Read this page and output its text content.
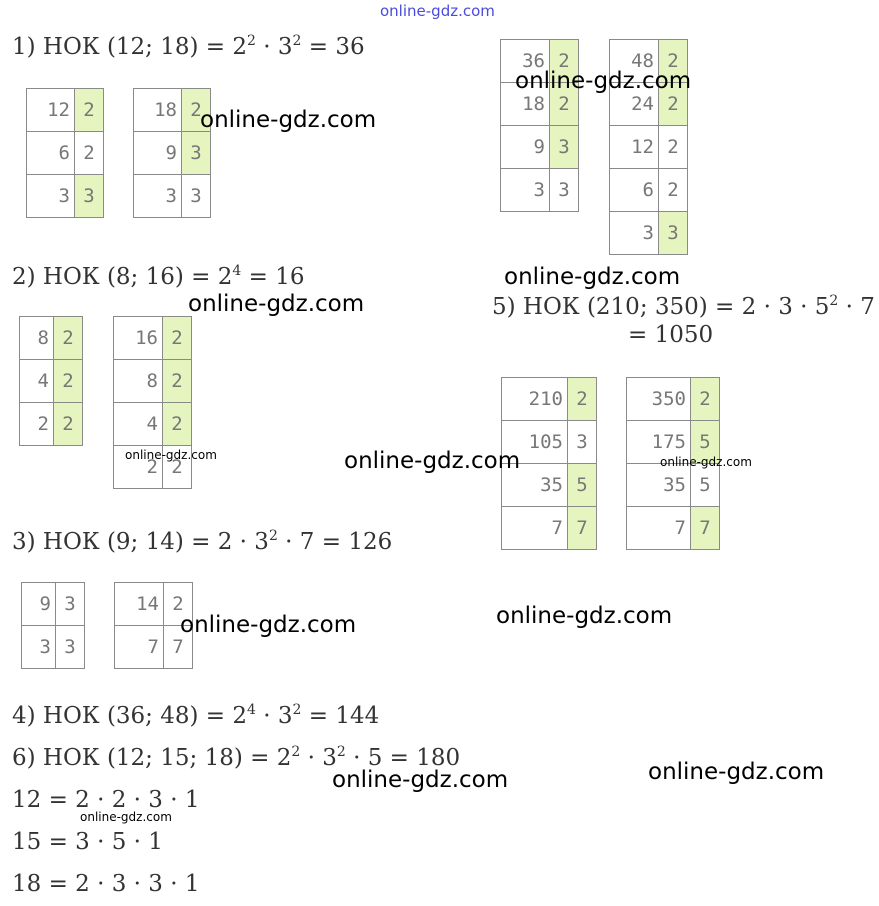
online-gdz.com
1) НОК (12; $18) = 2^2 \cdot 3^2 = 36$
2) НОК (8; $16) = 2^4 = 16$
3) НОК (9; $14) = 2 \cdot 3^2 \cdot 7 = 126$
4) НОК (36; $48) = 2^4 \cdot 3^2 = 144$
5) НОК (210; $350) = 2 \cdot 3 \cdot 5^2 \cdot 7$
= 1050
6) НОК (12; 15; $18) = 2^2 \cdot 3^2 \cdot 5 = 180$
12 = 2 · 2 · 3 · 1
15 = 3 · 5 · 1
18 = 2 · 3 · 3 · 1
12	2
6	2
3	3
18	2
9	3
3	3
8	2
4	2
2	2
16	2
8	2
4	2
2	2
9	3
3	3
14	2
7	7
36	2
18	2
9	3
3	3
48	2
24	2
12	2
6	2
3	3
210	2
105	3
35	5
7	7
350	2
175	5
35	5
7	7
online-gdz.com
online-gdz.com
online-gdz.com
online-gdz.com
online-gdz.com
online-gdz.com	online-gdz.com
online-gdz.com	online-gdz.com
online-gdz.com	online-gdz.com
online-gdz.com
